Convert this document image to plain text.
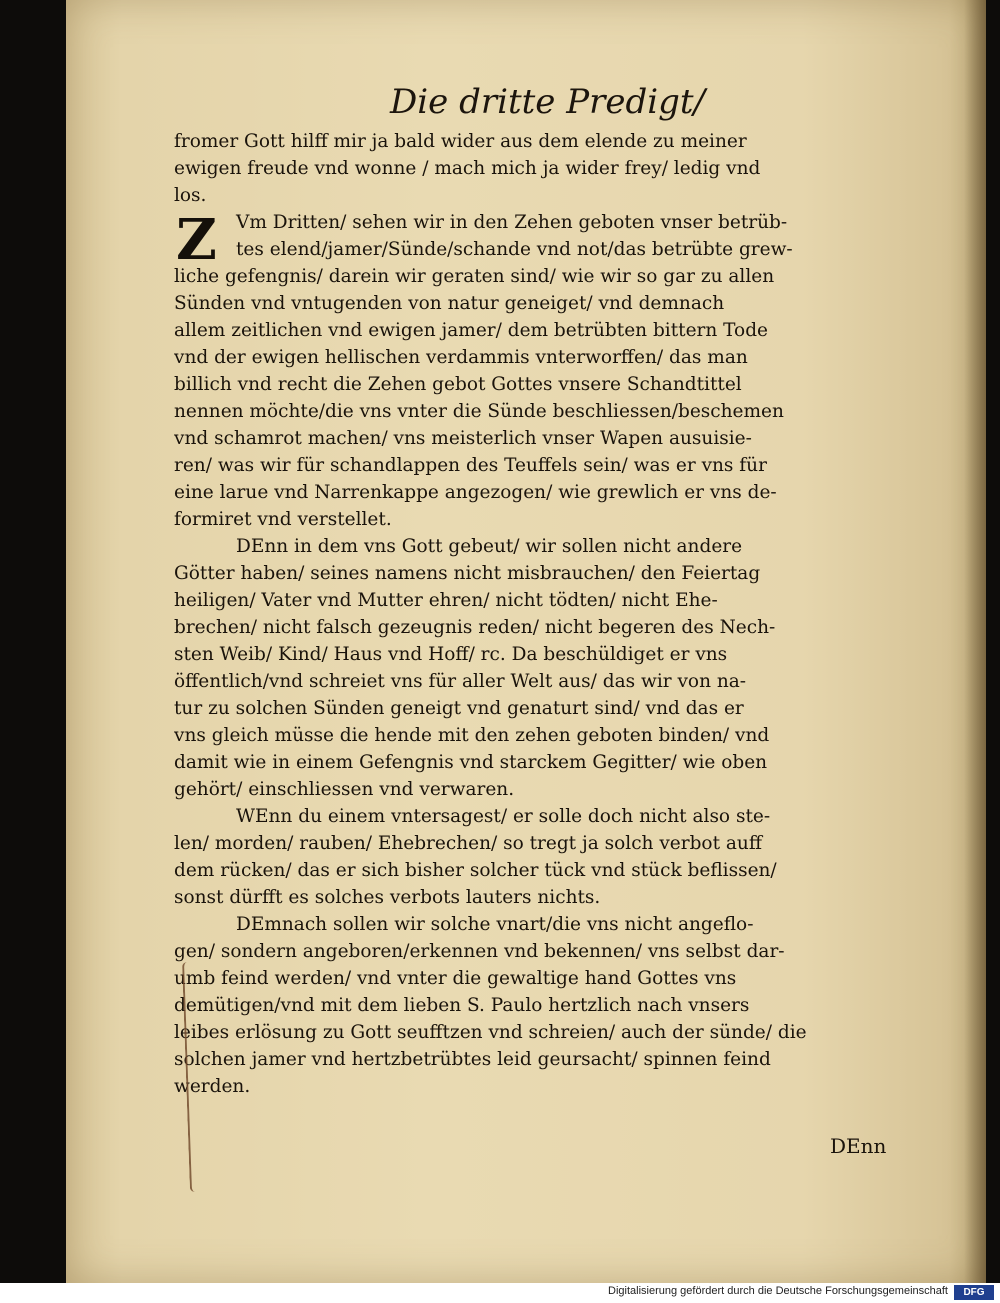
Die dritte Predigt/
Z
fromer Gott hilff mir ja bald wider aus dem elende zu meiner
ewigen freude vnd wonne / mach mich ja wider frey/ ledig vnd
los.
Vm Dritten/ sehen wir in den Zehen geboten vnser betrüb-
tes elend/jamer/Sünde/schande vnd not/das betrübte grew-
liche gefengnis/ darein wir geraten sind/ wie wir so gar zu allen
Sünden vnd vntugenden von natur geneiget/ vnd demnach
allem zeitlichen vnd ewigen jamer/ dem betrübten bittern Tode
vnd der ewigen hellischen verdammis vnterworffen/ das man
billich vnd recht die Zehen gebot Gottes vnsere Schandtittel
nennen möchte/die vns vnter die Sünde beschliessen/beschemen
vnd schamrot machen/ vns meisterlich vnser Wapen ausuisie-
ren/ was wir für schandlappen des Teuffels sein/ was er vns für
eine larue vnd Narrenkappe angezogen/ wie grewlich er vns de-
formiret vnd verstellet.
DEnn in dem vns Gott gebeut/ wir sollen nicht andere
Götter haben/ seines namens nicht misbrauchen/ den Feiertag
heiligen/ Vater vnd Mutter ehren/ nicht tödten/ nicht Ehe-
brechen/ nicht falsch gezeugnis reden/ nicht begeren des Nech-
sten Weib/ Kind/ Haus vnd Hoff/ rc. Da beschüldiget er vns
öffentlich/vnd schreiet vns für aller Welt aus/ das wir von na-
tur zu solchen Sünden geneigt vnd genaturt sind/ vnd das er
vns gleich müsse die hende mit den zehen geboten binden/ vnd
damit wie in einem Gefengnis vnd starckem Gegitter/ wie oben
gehört/ einschliessen vnd verwaren.
WEnn du einem vntersagest/ er solle doch nicht also ste-
len/ morden/ rauben/ Ehebrechen/ so tregt ja solch verbot auff
dem rücken/ das er sich bisher solcher tück vnd stück beflissen/
sonst dürfft es solches verbots lauters nichts.
DEmnach sollen wir solche vnart/die vns nicht angeflo-
gen/ sondern angeboren/erkennen vnd bekennen/ vns selbst dar-
umb feind werden/ vnd vnter die gewaltige hand Gottes vns
demütigen/vnd mit dem lieben S. Paulo hertzlich nach vnsers
leibes erlösung zu Gott seufftzen vnd schreien/ auch der sünde/ die
solchen jamer vnd hertzbetrübtes leid geursacht/ spinnen feind
werden.
DEnn
Digitalisierung gefördert durch die Deutsche Forschungsgemeinschaft	DFG
